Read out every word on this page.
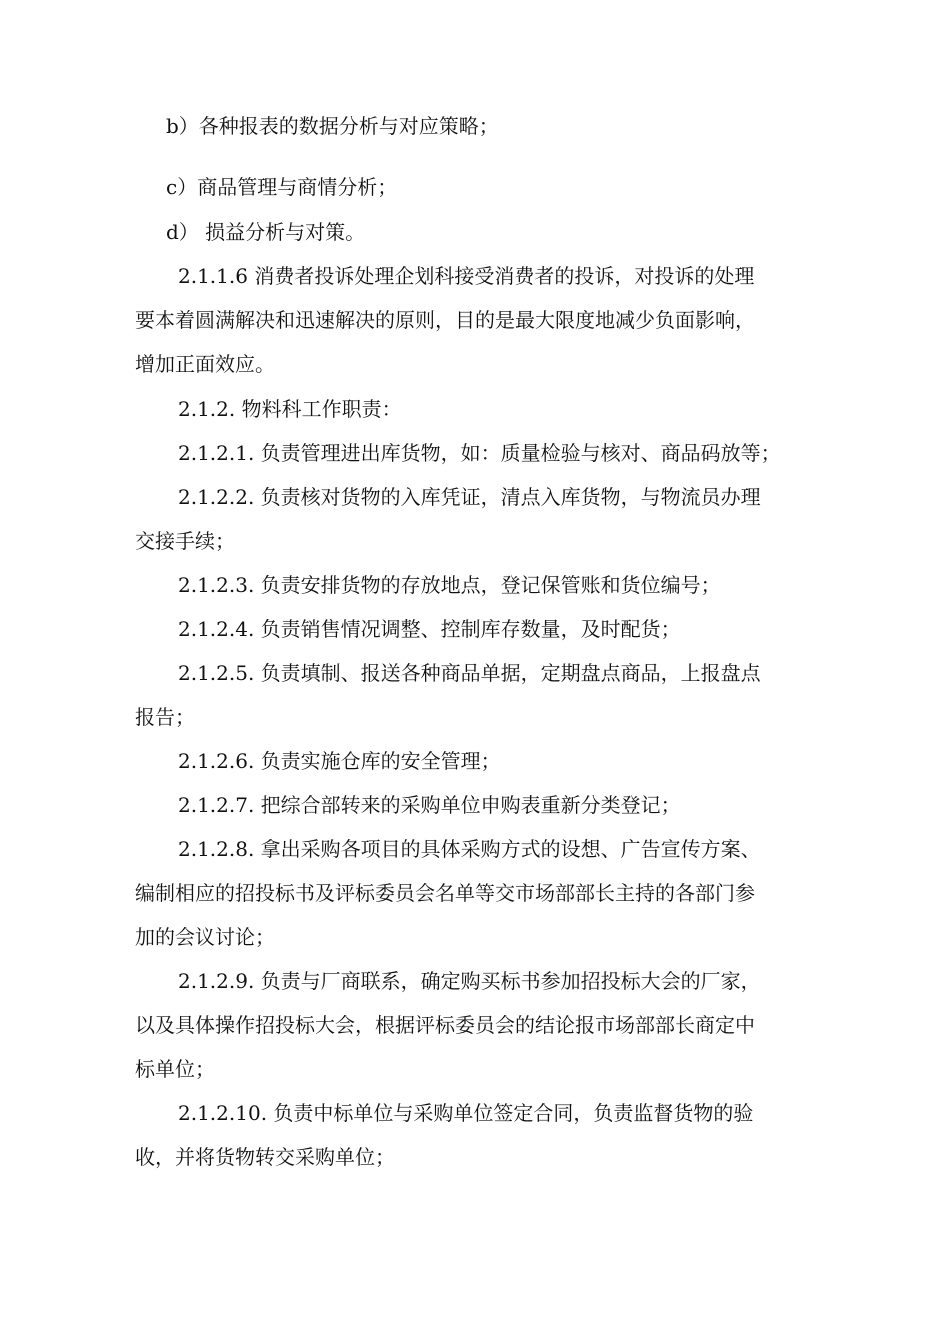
b）各种报表的数据分析与对应策略；
c）商品管理与商情分析；
d） 损益分析与对策。
2.1.1.6 消费者投诉处理企划科接受消费者的投诉，对投诉的处理
要本着圆满解决和迅速解决的原则，目的是最大限度地减少负面影响，
增加正面效应。
2.1.2. 物料科工作职责：
2.1.2.1. 负责管理进出库货物，如：质量检验与核对、商品码放等；
2.1.2.2. 负责核对货物的入库凭证，清点入库货物，与物流员办理
交接手续；
2.1.2.3. 负责安排货物的存放地点，登记保管账和货位编号；
2.1.2.4. 负责销售情况调整、控制库存数量，及时配货；
2.1.2.5. 负责填制、报送各种商品单据，定期盘点商品，上报盘点
报告；
2.1.2.6. 负责实施仓库的安全管理；
2.1.2.7. 把综合部转来的采购单位申购表重新分类登记；
2.1.2.8. 拿出采购各项目的具体采购方式的设想、广告宣传方案、
编制相应的招投标书及评标委员会名单等交市场部部长主持的各部门参
加的会议讨论；
2.1.2.9. 负责与厂商联系，确定购买标书参加招投标大会的厂家，
以及具体操作招投标大会，根据评标委员会的结论报市场部部长商定中
标单位；
2.1.2.10. 负责中标单位与采购单位签定合同，负责监督货物的验
收，并将货物转交采购单位；
